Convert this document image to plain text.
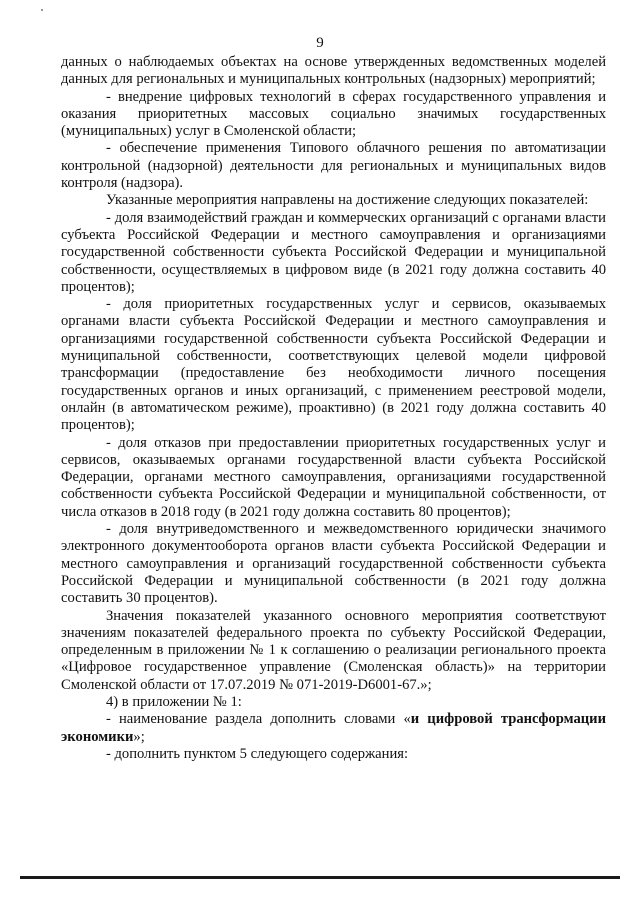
9

данных о наблюдаемых объектах на основе утвержденных ведомственных моделей данных для региональных и муниципальных контрольных (надзорных) мероприятий;

- внедрение цифровых технологий в сферах государственного управления и оказания приоритетных массовых социально значимых государственных (муниципальных) услуг в Смоленской области;

- обеспечение применения Типового облачного решения по автоматизации контрольной (надзорной) деятельности для региональных и муниципальных видов контроля (надзора).

Указанные мероприятия направлены на достижение следующих показателей:

- доля взаимодействий граждан и коммерческих организаций с органами власти субъекта Российской Федерации и местного самоуправления и организациями государственной собственности субъекта Российской Федерации и муниципальной собственности, осуществляемых в цифровом виде (в 2021 году должна составить 40 процентов);

- доля приоритетных государственных услуг и сервисов, оказываемых органами власти субъекта Российской Федерации и местного самоуправления и организациями государственной собственности субъекта Российской Федерации и муниципальной собственности, соответствующих целевой модели цифровой трансформации (предоставление без необходимости личного посещения государственных органов и иных организаций, с применением реестровой модели, онлайн (в автоматическом режиме), проактивно) (в 2021 году должна составить 40 процентов);

- доля отказов при предоставлении приоритетных государственных услуг и сервисов, оказываемых органами государственной власти субъекта Российской Федерации, органами местного самоуправления, организациями государственной собственности субъекта Российской Федерации и муниципальной собственности, от числа отказов в 2018 году (в 2021 году должна составить 80 процентов);

- доля внутриведомственного и межведомственного юридически значимого электронного документооборота органов власти субъекта Российской Федерации и местного самоуправления и организаций государственной собственности субъекта Российской Федерации и муниципальной собственности (в 2021 году должна составить 30 процентов).

Значения показателей указанного основного мероприятия соответствуют значениям показателей федерального проекта по субъекту Российской Федерации, определенным в приложении № 1 к соглашению о реализации регионального проекта «Цифровое государственное управление (Смоленская область)» на территории Смоленской области от 17.07.2019 № 071-2019-D6001-67.»;

4) в приложении № 1:

- наименование раздела дополнить словами «и цифровой трансформации экономики»;

- дополнить пунктом 5 следующего содержания:
